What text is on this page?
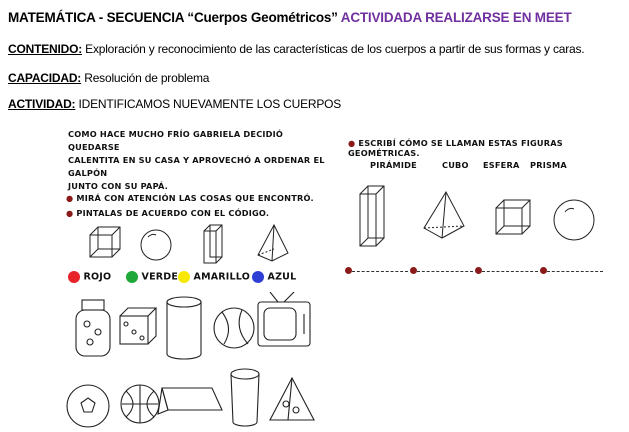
MATEMÁTICA - SECUENCIA “Cuerpos Geométricos” ACTIVIDADA REALIZARSE EN MEET
CONTENIDO: Exploración y reconocimiento de las características de los cuerpos a partir de sus formas y caras.
CAPACIDAD: Resolución de problema
ACTIVIDAD: IDENTIFICAMOS NUEVAMENTE LOS CUERPOS
COMO HACE MUCHO FRÍO GABRIELA DECIDIÓ QUEDARSE
CALENTITA EN SU CASA Y APROVECHÓ A ORDENAR EL GALPÓN
JUNTO CON SU PAPÁ.
● MIRÁ CON ATENCIÓN LAS COSAS QUE ENCONTRÓ.
● PINTALAS DE ACUERDO CON EL CÓDIGO.
ROJO	VERDE	AMARILLO	AZUL
● ESCRIBÍ CÓMO SE LLAMAN ESTAS FIGURAS GEOMÉTRICAS.
PIRÁMIDE	CUBO ESFERA PRISMA
